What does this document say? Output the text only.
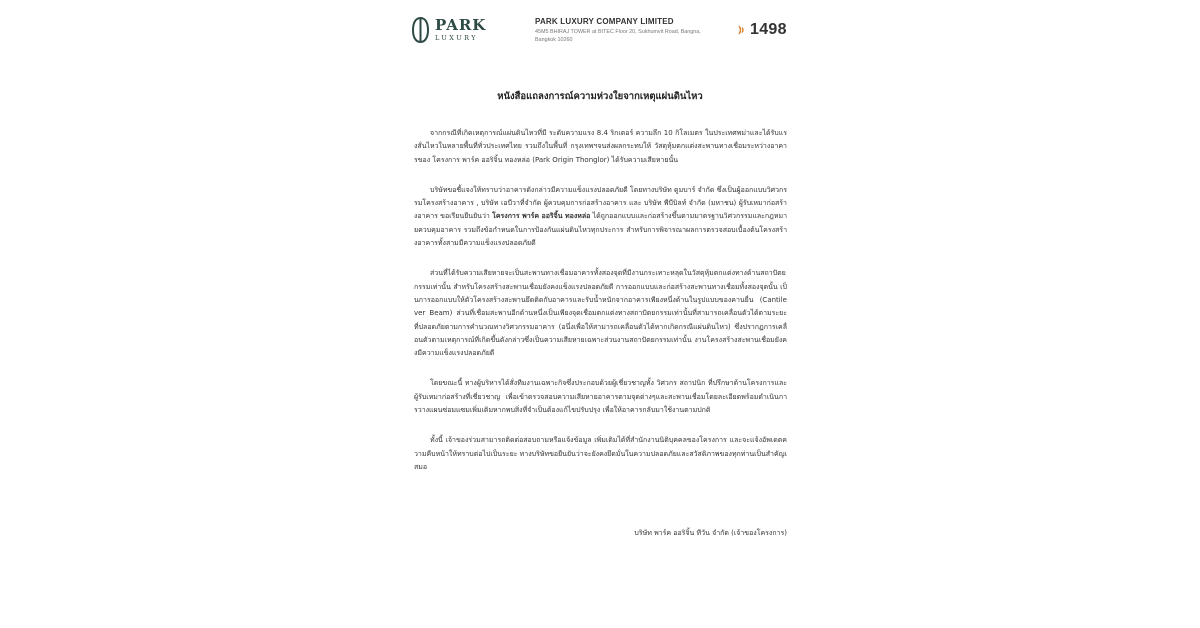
PARK
LUXURY
PARK LUXURY COMPANY LIMITED
45M5 BHIRAJ TOWER at BITEC Floor 20, Sukhumvit Road, Bangna, Bangkok 10260
1498
หนังสือแถลงการณ์ความห่วงใยจากเหตุแผ่นดินไหว

จากกรณีที่เกิดเหตุการณ์แผ่นดินไหวที่มี ระดับความแรง 8.4 ริกเตอร์ ความลึก 10 กิโลเมตร ในประเทศพม่าและได้รับแรงสั่นไหวในหลายพื้นที่ทั่วประเทศไทย รวมถึงในพื้นที่ กรุงเทพฯจนส่งผลกระทบให้ วัสดุหุ้มตกแต่งสะพานทางเชื่อมระหว่างอาคารของ โครงการ พาร์ค ออริจิ้น ทองหล่อ (Park Origin Thonglor) ได้รับความเสียหายนั้น

บริษัทขอชี้แจงให้ทราบว่าอาคารดังกล่าวมีความแข็งแรงปลอดภัยดี โดยทางบริษัท ดูมบาร์ จำกัด ซึ่งเป็นผู้ออกแบบวิศวกรรมโครงสร้างอาคาร , บริษัท เอบีวาที่จำกัด ผู้ควบคุมการก่อสร้างอาคาร และ บริษัท พีบีบิลท์ จำกัด (มหาชน) ผู้รับเหมาก่อสร้างอาคาร ขอเรียนยืนยันว่า โครงการ พาร์ค ออริจิ้น ทองหล่อ ได้ถูกออกแบบและก่อสร้างขึ้นตามมาตรฐานวิศวกรรมและกฎหมายควบคุมอาคาร รวมถึงข้อกำหนดในการป้องกันแผ่นดินไหวทุกประการ สำหรับการพิจารณาผลการตรวจสอบเบื้องต้นโครงสร้างอาคารทั้งสามมีความแข็งแรงปลอดภัยดี

ส่วนที่ได้รับความเสียหายจะเป็นสะพานทางเชื่อมอาคารทั้งสองจุดที่มีงานกระเทาะหลุดในวัสดุหุ้มตกแต่งทางด้านสถาปัตยกรรมเท่านั้น สำหรับโครงสร้างสะพานเชื่อมยังคงแข็งแรงปลอดภัยดี การออกแบบและก่อสร้างสะพานทางเชื่อมทั้งสองจุดนั้น เป็นการออกแบบให้ตัวโครงสร้างสะพานยึดติดกับอาคารและรับน้ำหนักจากอาคารเพียงหนึ่งด้านในรูปแบบของคานยื่น (Cantilever Beam) ส่วนที่เชื่อมสะพานอีกด้านหนึ่งเป็นเพียงจุดเชื่อมตกแต่งทางสถาปัตยกรรมเท่านั้นที่สามารถเคลื่อนตัวได้ตามระยะที่ปลอดภัยตามการคำนวณทางวิศวกรรมอาคาร (อนึ่งเพื่อให้สามารถเคลื่อนตัวได้หากเกิดกรณีแผ่นดินไหว) ซึ่งปรากฏการเคลื่อนตัวตามเหตุการณ์ที่เกิดขึ้นดังกล่าวซึ่งเป็นความเสียหายเฉพาะส่วนงานสถาปัตยกรรมเท่านั้น งานโครงสร้างสะพานเชื่อมยังคงมีความแข็งแรงปลอดภัยดี

โดยขณะนี้ ทางผู้บริหารได้สั่งทีมงานเฉพาะกิจซึ่งประกอบด้วยผู้เชี่ยวชาญทั้ง วิศวกร สถาปนิก ที่ปรึกษาด้านโครงการและผู้รับเหมาก่อสร้างที่เชี่ยวชาญ เพื่อเข้าตรวจสอบความเสียหายอาคารตามจุดต่างๆและสะพานเชื่อมโดยละเอียดพร้อมดำเนินการวางแผนซ่อมแซมเพิ่มเติมหากพบสิ่งที่จำเป็นต้องแก้ไขปรับปรุง เพื่อให้อาคารกลับมาใช้งานตามปกติ

ทั้งนี้ เจ้าของร่วมสามารถติดต่อสอบถามหรือแจ้งข้อมูล เพิ่มเติมได้ที่สำนักงานนิติบุคคลของโครงการ และจะแจ้งอัพเดตความคืบหน้าให้ทราบต่อไปเป็นระยะ ทางบริษัทขอยืนยันว่าจะยังคงยึดมั่นในความปลอดภัยและสวัสดิภาพของทุกท่านเป็นสำคัญเสมอ

บริษัท พาร์ค ออริจิ้น ทีวัน จำกัด (เจ้าของโครงการ)
